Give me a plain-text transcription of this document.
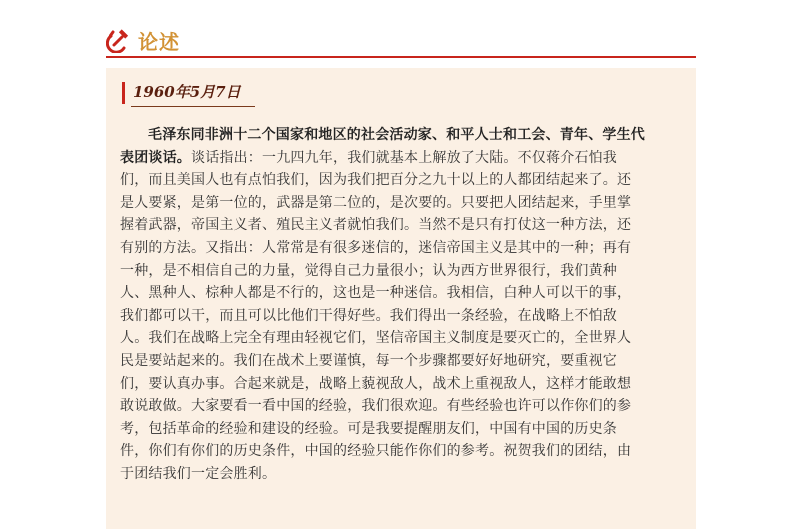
论述
1960年5月7日
毛泽东同非洲十二个国家和地区的社会活动家、和平人士和工会、青年、学生代
表团谈话。谈话指出：一九四九年，我们就基本上解放了大陆。不仅蒋介石怕我
们，而且美国人也有点怕我们，因为我们把百分之九十以上的人都团结起来了。还
是人要紧，是第一位的，武器是第二位的，是次要的。只要把人团结起来，手里掌
握着武器，帝国主义者、殖民主义者就怕我们。当然不是只有打仗这一种方法，还
有别的方法。又指出：人常常是有很多迷信的，迷信帝国主义是其中的一种；再有
一种，是不相信自己的力量，觉得自己力量很小；认为西方世界很行，我们黄种
人、黑种人、棕种人都是不行的，这也是一种迷信。我相信，白种人可以干的事，
我们都可以干，而且可以比他们干得好些。我们得出一条经验，在战略上不怕敌
人。我们在战略上完全有理由轻视它们，坚信帝国主义制度是要灭亡的，全世界人
民是要站起来的。我们在战术上要谨慎，每一个步骤都要好好地研究，要重视它
们，要认真办事。合起来就是，战略上藐视敌人，战术上重视敌人，这样才能敢想
敢说敢做。大家要看一看中国的经验，我们很欢迎。有些经验也许可以作你们的参
考，包括革命的经验和建设的经验。可是我要提醒朋友们，中国有中国的历史条
件，你们有你们的历史条件，中国的经验只能作你们的参考。祝贺我们的团结，由
于团结我们一定会胜利。
